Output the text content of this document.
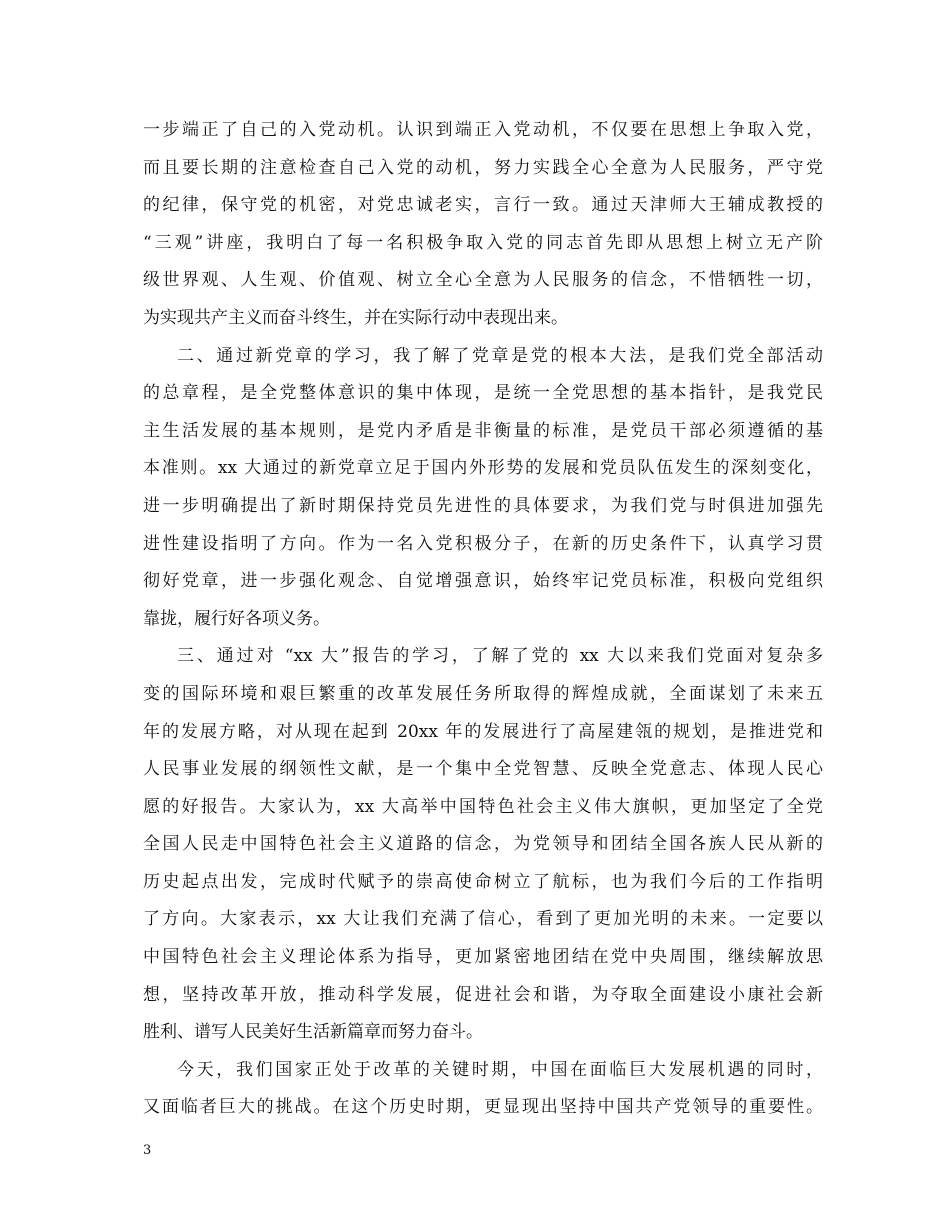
一步端正了自己的入党动机。认识到端正入党动机，不仅要在思想上争取入党，
而且要长期的注意检查自己入党的动机，努力实践全心全意为人民服务，严守党
的纪律，保守党的机密，对党忠诚老实，言行一致。通过天津师大王辅成教授的
“三观”讲座，我明白了每一名积极争取入党的同志首先即从思想上树立无产阶
级世界观、人生观、价值观、树立全心全意为人民服务的信念，不惜牺牲一切，
为实现共产主义而奋斗终生，并在实际行动中表现出来。
二、通过新党章的学习，我了解了党章是党的根本大法，是我们党全部活动
的总章程，是全党整体意识的集中体现，是统一全党思想的基本指针，是我党民
主生活发展的基本规则，是党内矛盾是非衡量的标准，是党员干部必须遵循的基
本准则。xx 大通过的新党章立足于国内外形势的发展和党员队伍发生的深刻变化，
进一步明确提出了新时期保持党员先进性的具体要求，为我们党与时俱进加强先
进性建设指明了方向。作为一名入党积极分子，在新的历史条件下，认真学习贯
彻好党章，进一步强化观念、自觉增强意识，始终牢记党员标准，积极向党组织
靠拢，履行好各项义务。
三、通过对 “xx 大”报告的学习，了解了党的 xx 大以来我们党面对复杂多
变的国际环境和艰巨繁重的改革发展任务所取得的辉煌成就，全面谋划了未来五
年的发展方略，对从现在起到 20xx 年的发展进行了高屋建瓴的规划，是推进党和
人民事业发展的纲领性文献，是一个集中全党智慧、反映全党意志、体现人民心
愿的好报告。大家认为，xx 大高举中国特色社会主义伟大旗帜，更加坚定了全党
全国人民走中国特色社会主义道路的信念，为党领导和团结全国各族人民从新的
历史起点出发，完成时代赋予的崇高使命树立了航标，也为我们今后的工作指明
了方向。大家表示，xx 大让我们充满了信心，看到了更加光明的未来。一定要以
中国特色社会主义理论体系为指导，更加紧密地团结在党中央周围，继续解放思
想，坚持改革开放，推动科学发展，促进社会和谐，为夺取全面建设小康社会新
胜利、谱写人民美好生活新篇章而努力奋斗。
今天，我们国家正处于改革的关键时期，中国在面临巨大发展机遇的同时，
又面临者巨大的挑战。在这个历史时期，更显现出坚持中国共产党领导的重要性。
3
